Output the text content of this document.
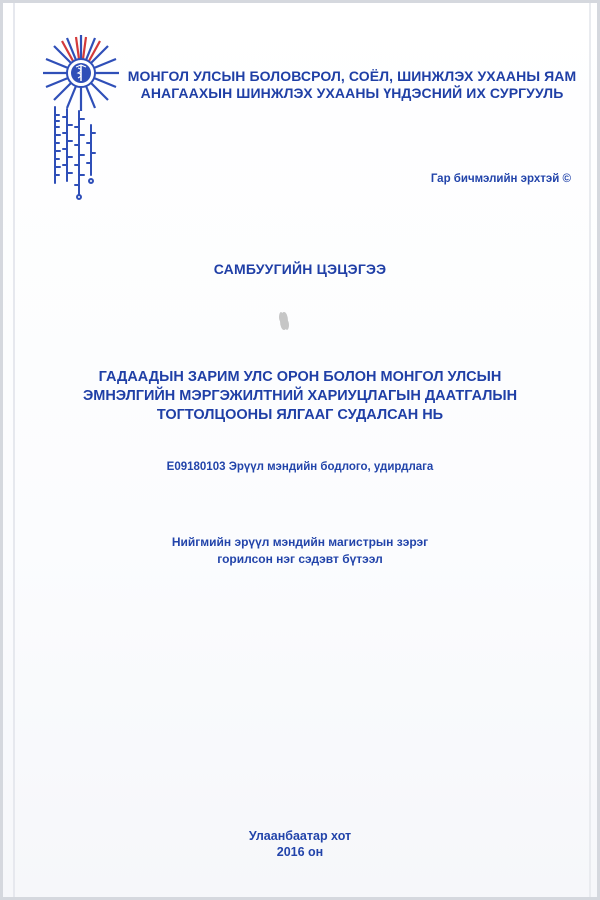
МОНГОЛ УЛСЫН БОЛОВСРОЛ, СОЁЛ, ШИНЖЛЭХ УХААНЫ ЯАМ
АНАГААХЫН ШИНЖЛЭХ УХААНЫ ҮНДЭСНИЙ ИХ СУРГУУЛЬ
Гар бичмэлийн эрхтэй ©
САМБУУГИЙН ЦЭЦЭГЭЭ
ГАДААДЫН ЗАРИМ УЛС ОРОН БОЛОН МОНГОЛ УЛСЫН
ЭМНЭЛГИЙН МЭРГЭЖИЛТНИЙ ХАРИУЦЛАГЫН ДААТГАЛЫН
ТОГТОЛЦООНЫ ЯЛГААГ СУДАЛСАН НЬ
E09180103 Эрүүл мэндийн бодлого, удирдлага
Нийгмийн эрүүл мэндийн магистрын зэрэг
горилсон нэг сэдэвт бүтээл
Улаанбаатар хот
2016 он
